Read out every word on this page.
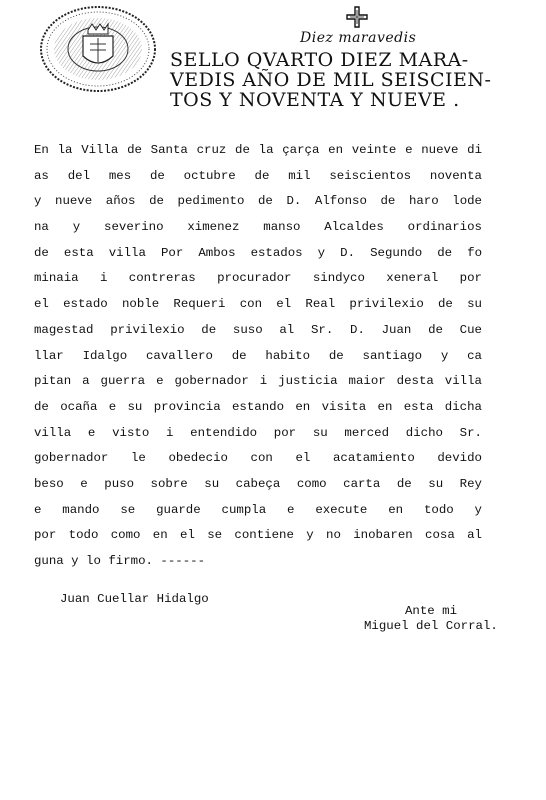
Diez maravedis
SELLO QVARTO DIEZ MARA-
VEDIS AÑO DE MIL SEISCIEN-
TOS Y NOVENTA Y NUEVE .
En la Villa de Santa cruz de la çarça en veinte e nueve di
as del mes de octubre de mil seiscientos noventa
y nueve años de pedimento de D. Alfonso de haro lode
na y severino ximenez manso Alcaldes ordinarios
de esta villa Por Ambos estados y D. Segundo de fo
minaia i contreras procurador sindyco xeneral por
el estado noble Requeri con el Real privilexio de su
magestad privilexio de suso al Sr. D. Juan de Cue
llar Idalgo cavallero de habito de santiago y ca
pitan a guerra e gobernador i justicia maior desta villa
de ocaña e su provincia estando en visita en esta dicha
villa e visto i entendido por su merced dicho Sr.
gobernador le obedecio con el acatamiento devido
beso e puso sobre su cabeça como carta de su Rey
e mando se guarde cumpla e execute en todo y
por todo como en el se contiene y no inobaren cosa al
guna y lo firmo. ------
Juan Cuellar Hidalgo
Ante mi
Miguel del Corral.
